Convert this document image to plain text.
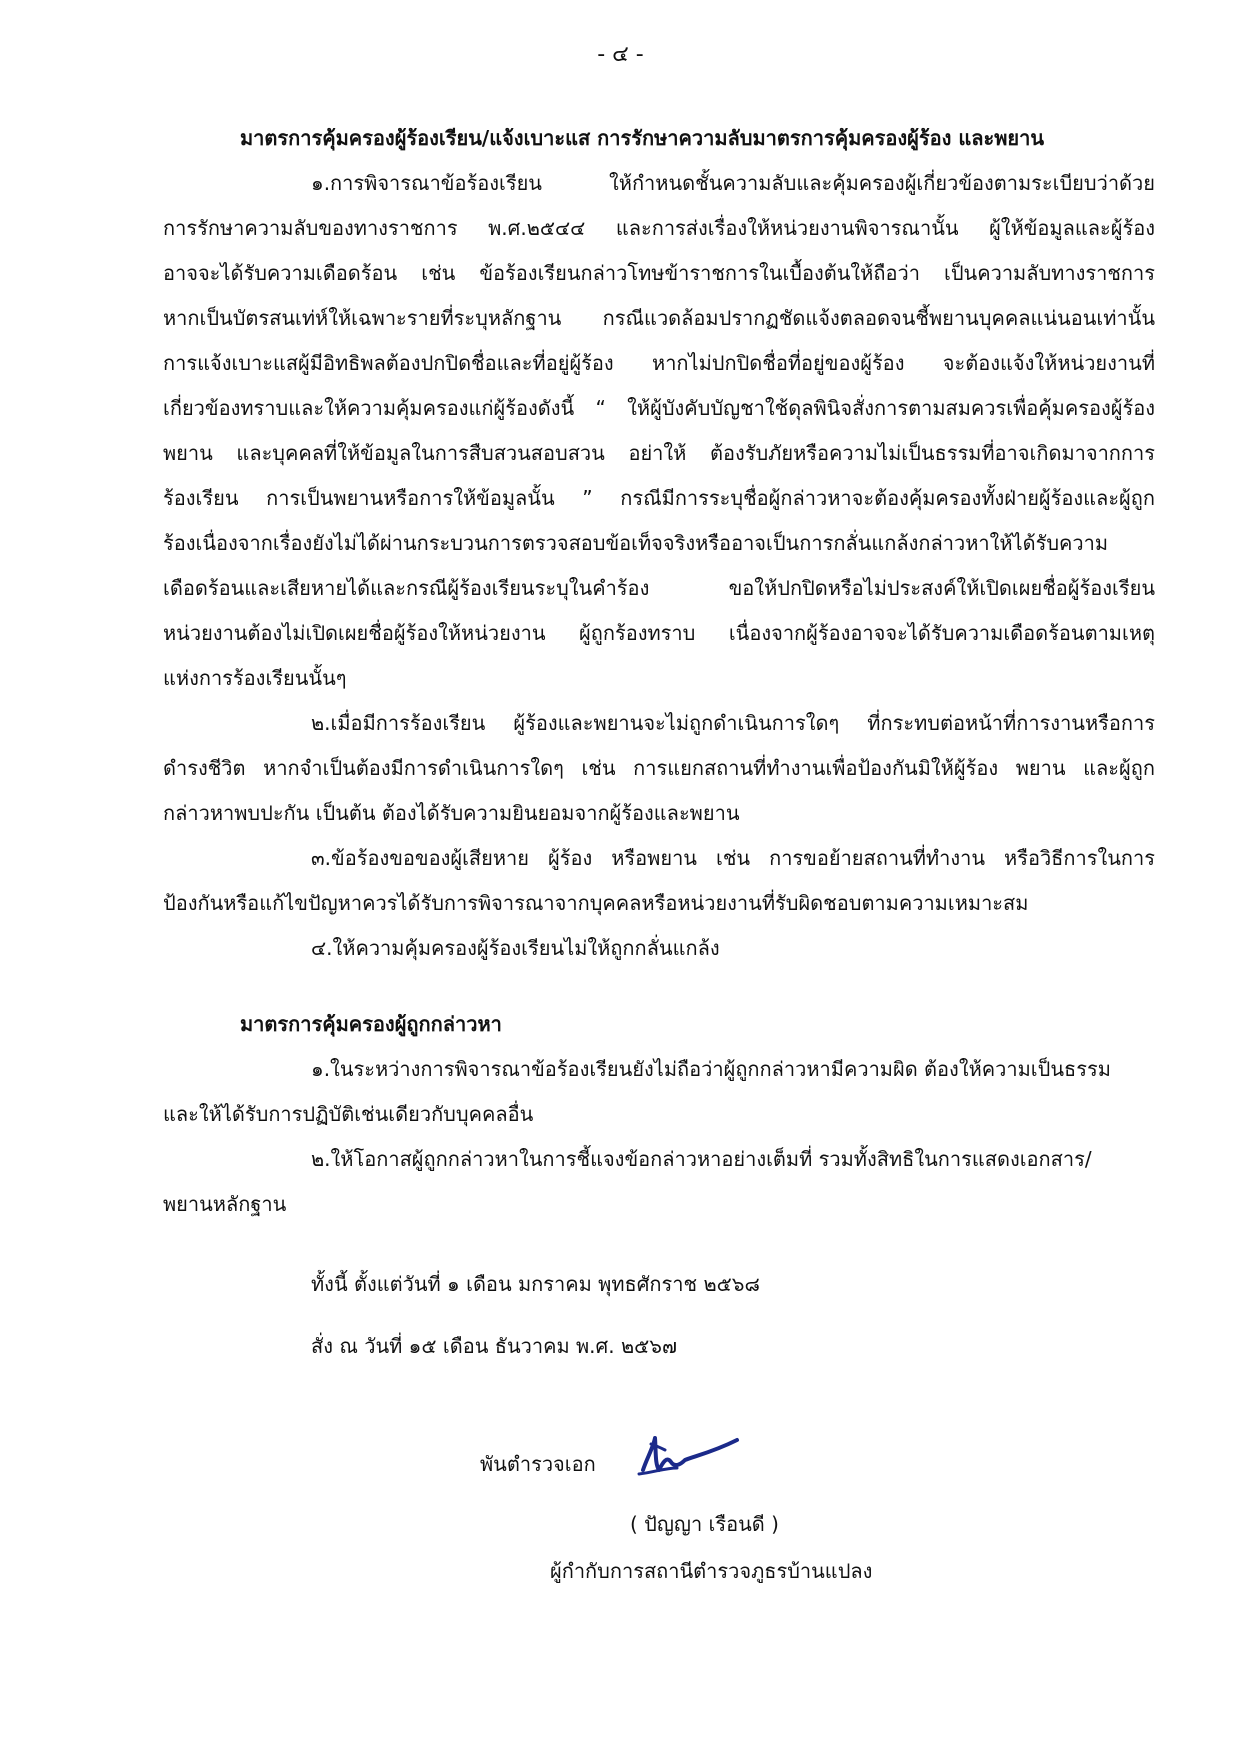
- ๔ -
มาตรการคุ้มครองผู้ร้องเรียน/แจ้งเบาะแส การรักษาความลับมาตรการคุ้มครองผู้ร้อง และพยาน
๑.การพิจารณาข้อร้องเรียน ให้กำหนดชั้นความลับและคุ้มครองผู้เกี่ยวข้องตามระเบียบว่าด้วย
การรักษาความลับของทางราชการ พ.ศ.๒๕๔๔ และการส่งเรื่องให้หน่วยงานพิจารณานั้น ผู้ให้ข้อมูลและผู้ร้อง
อาจจะได้รับความเดือดร้อน เช่น ข้อร้องเรียนกล่าวโทษข้าราชการในเบื้องต้นให้ถือว่า เป็นความลับทางราชการ
หากเป็นบัตรสนเท่ห์ให้เฉพาะรายที่ระบุหลักฐาน กรณีแวดล้อมปรากฏชัดแจ้งตลอดจนชี้พยานบุคคลแน่นอนเท่านั้น
การแจ้งเบาะแสผู้มีอิทธิพลต้องปกปิดชื่อและที่อยู่ผู้ร้อง หากไม่ปกปิดชื่อที่อยู่ของผู้ร้อง จะต้องแจ้งให้หน่วยงานที่
เกี่ยวข้องทราบและให้ความคุ้มครองแก่ผู้ร้องดังนี้ “ ให้ผู้บังคับบัญชาใช้ดุลพินิจสั่งการตามสมควรเพื่อคุ้มครองผู้ร้อง
พยาน และบุคคลที่ให้ข้อมูลในการสืบสวนสอบสวน อย่าให้ ต้องรับภัยหรือความไม่เป็นธรรมที่อาจเกิดมาจากการ
ร้องเรียน การเป็นพยานหรือการให้ข้อมูลนั้น ” กรณีมีการระบุชื่อผู้กล่าวหาจะต้องคุ้มครองทั้งฝ่ายผู้ร้องและผู้ถูก
ร้องเนื่องจากเรื่องยังไม่ได้ผ่านกระบวนการตรวจสอบข้อเท็จจริงหรืออาจเป็นการกลั่นแกล้งกล่าวหาให้ได้รับความ
เดือดร้อนและเสียหายได้และกรณีผู้ร้องเรียนระบุในคำร้อง ขอให้ปกปิดหรือไม่ประสงค์ให้เปิดเผยชื่อผู้ร้องเรียน
หน่วยงานต้องไม่เปิดเผยชื่อผู้ร้องให้หน่วยงาน ผู้ถูกร้องทราบ เนื่องจากผู้ร้องอาจจะได้รับความเดือดร้อนตามเหตุ
แห่งการร้องเรียนนั้นๆ
๒.เมื่อมีการร้องเรียน ผู้ร้องและพยานจะไม่ถูกดำเนินการใดๆ ที่กระทบต่อหน้าที่การงานหรือการ
ดำรงชีวิต หากจำเป็นต้องมีการดำเนินการใดๆ เช่น การแยกสถานที่ทำงานเพื่อป้องกันมิให้ผู้ร้อง พยาน และผู้ถูก
กล่าวหาพบปะกัน เป็นต้น ต้องได้รับความยินยอมจากผู้ร้องและพยาน
๓.ข้อร้องขอของผู้เสียหาย ผู้ร้อง หรือพยาน เช่น การขอย้ายสถานที่ทำงาน หรือวิธีการในการ
ป้องกันหรือแก้ไขปัญหาควรได้รับการพิจารณาจากบุคคลหรือหน่วยงานที่รับผิดชอบตามความเหมาะสม
๔.ให้ความคุ้มครองผู้ร้องเรียนไม่ให้ถูกกลั่นแกล้ง
มาตรการคุ้มครองผู้ถูกกล่าวหา
๑.ในระหว่างการพิจารณาข้อร้องเรียนยังไม่ถือว่าผู้ถูกกล่าวหามีความผิด ต้องให้ความเป็นธรรม
และให้ได้รับการปฏิบัติเช่นเดียวกับบุคคลอื่น
๒.ให้โอกาสผู้ถูกกล่าวหาในการชี้แจงข้อกล่าวหาอย่างเต็มที่ รวมทั้งสิทธิในการแสดงเอกสาร/
พยานหลักฐาน
ทั้งนี้ ตั้งแต่วันที่ ๑ เดือน มกราคม พุทธศักราช ๒๕๖๘
สั่ง ณ วันที่ ๑๕ เดือน ธันวาคม พ.ศ. ๒๕๖๗
พันตำรวจเอก
( ปัญญา เรือนดี )
ผู้กำกับการสถานีตำรวจภูธรบ้านแปลง
